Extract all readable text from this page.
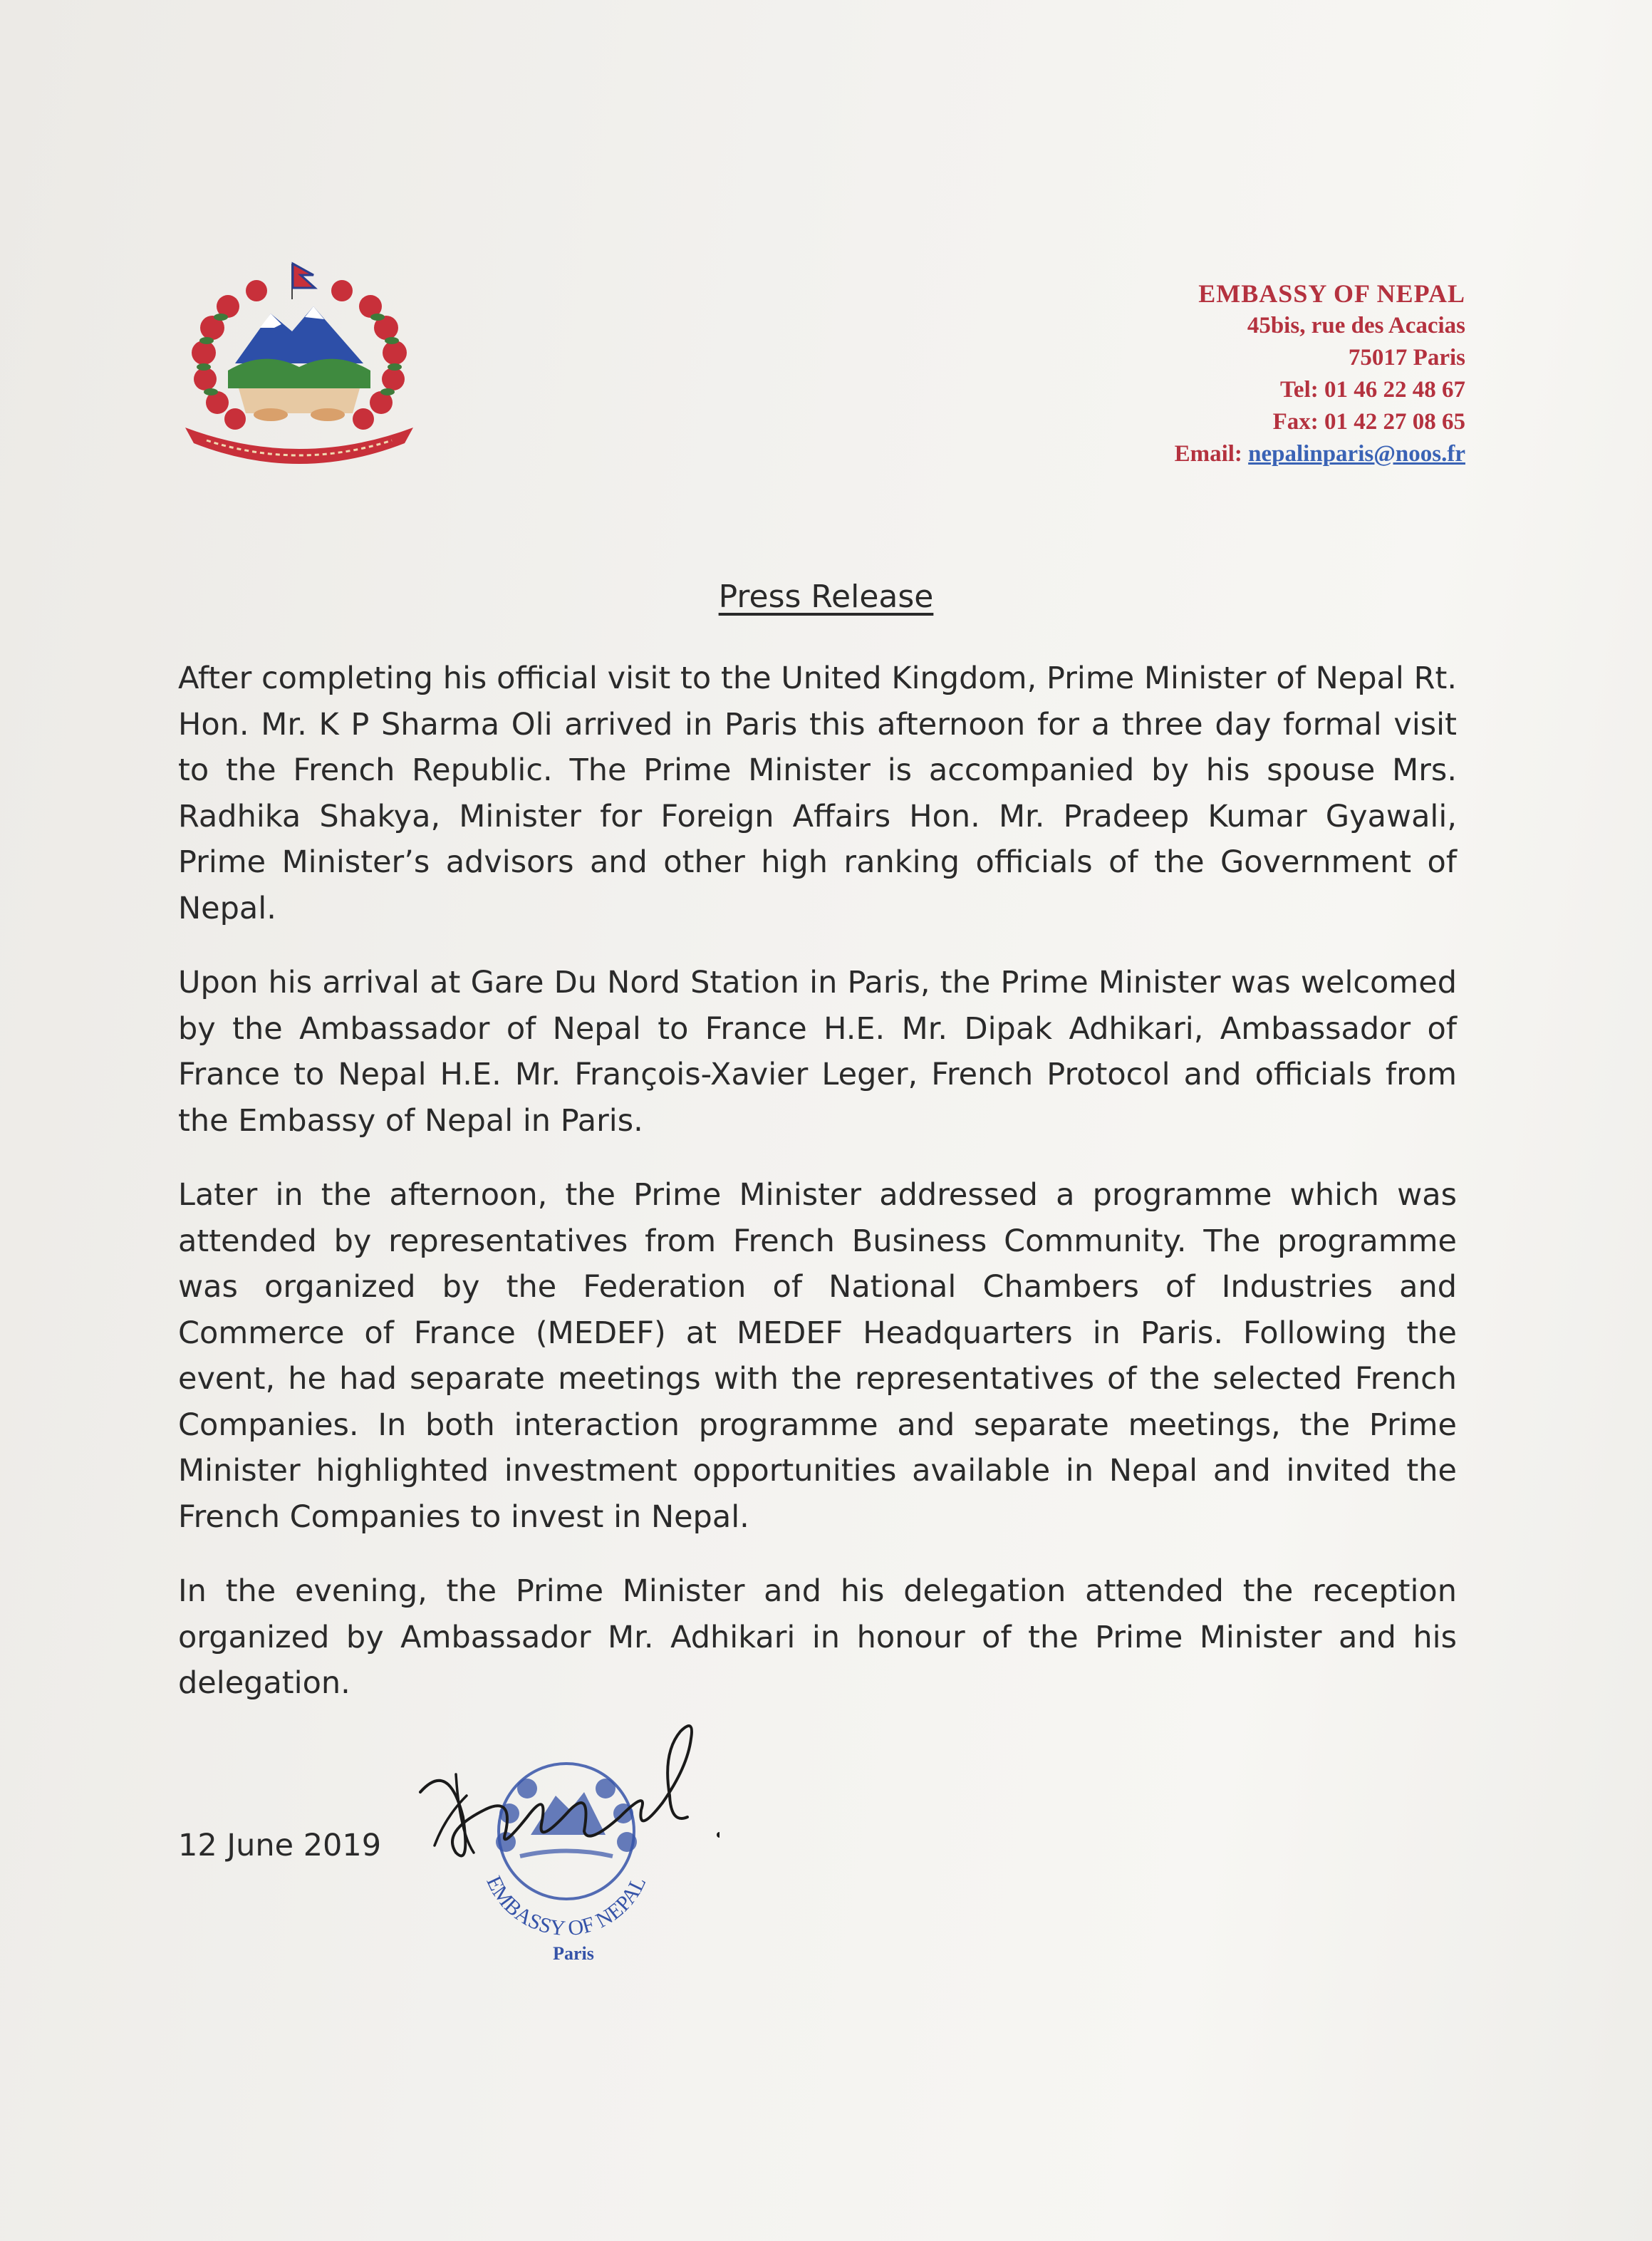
EMBASSY OF NEPAL
45bis, rue des Acacias
75017 Paris
Tel: 01 46 22 48 67
Fax: 01 42 27 08 65
Email: nepalinparis@noos.fr
Press Release

After completing his official visit to the United Kingdom, Prime Minister of Nepal Rt. Hon. Mr. K P Sharma Oli arrived in Paris this afternoon for a three day formal visit to the French Republic. The Prime Minister is accompanied by his spouse Mrs. Radhika Shakya, Minister for Foreign Affairs Hon. Mr. Pradeep Kumar Gyawali, Prime Minister’s advisors and other high ranking officials of the Government of Nepal.

Upon his arrival at Gare Du Nord Station in Paris, the Prime Minister was welcomed by the Ambassador of Nepal to France H.E. Mr. Dipak Adhikari, Ambassador of France to Nepal H.E. Mr. François-Xavier Leger, French Protocol and officials from the Embassy of Nepal in Paris.

Later in the afternoon, the Prime Minister addressed a programme which was attended by representatives from French Business Community. The programme was organized by the Federation of National Chambers of Industries and Commerce of France (MEDEF) at MEDEF Headquarters in Paris. Following the event, he had separate meetings with the representatives of the selected French Companies. In both interaction programme and separate meetings, the Prime Minister highlighted investment opportunities available in Nepal and invited the French Companies to invest in Nepal.

In the evening, the Prime Minister and his delegation attended the reception organized by Ambassador Mr. Adhikari in honour of the Prime Minister and his delegation.

12 June 2019
EMBASSY OF NEPAL
Paris
